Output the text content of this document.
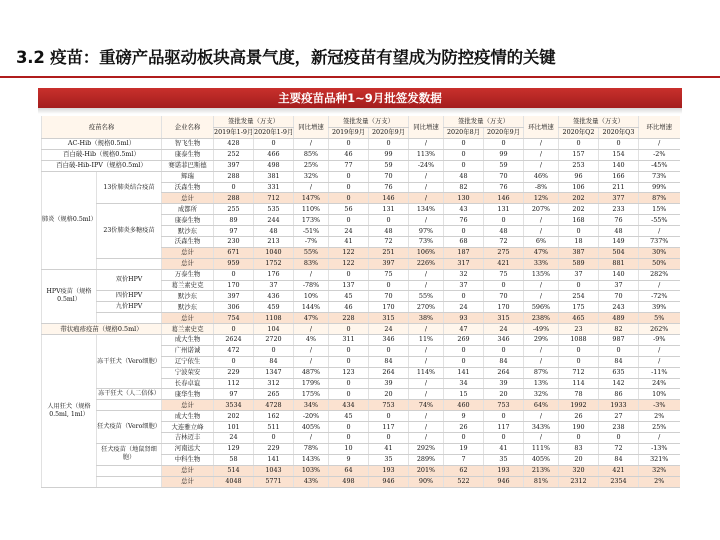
3.2 疫苗：重磅产品驱动板块高景气度，新冠疫苗有望成为防控疫情的关键
主要疫苗品种1~9月批签发数据
疫苗名称		企业名称	签批发量（万支）		同比增速	签批发量（万支）		同比增速	签批发量（万支）		环比增速	签批发量（万支）		环比增速
			2019年1-9月	2020年1-9月		2019年9月	2020年9月		2020年8月	2020年9月		2020年Q2	2020年Q3	
AC-Hib（规格0.5ml）		智飞生物	428	0	/	0	0	/	0	0	/	0	0	/
百白破-Hib（规格0.5ml）		康泰生物	252	466	85%	46	99	113%	0	99	/	157	154	-2%
百白破-Hib-IPV（规格0.5ml）		赛诺菲巴斯德	397	498	25%	77	59	-24%	0	59	/	253	140	-45%
肺炎（规格0.5ml）	13价肺炎结合疫苗	辉瑞	288	381	32%	0	70	/	48	70	46%	96	166	73%
		沃森生物	0	331	/	0	76	/	82	76	-8%	106	211	99%
		总计	288	712	147%	0	146	/	130	146	12%	202	377	87%
	23价肺炎多糖疫苗	成都所	255	535	110%	56	131	134%	43	131	207%	202	233	15%
		康泰生物	89	244	173%	0	0	/	76	0	/	168	76	-55%
		默沙东	97	48	-51%	24	48	97%	0	48	/	0	48	/
		沃森生物	230	213	-7%	41	72	73%	68	72	6%	18	149	737%
		总计	671	1040	55%	122	251	106%	187	275	47%	387	504	30%
		总计	959	1752	83%	122	397	226%	317	421	33%	589	881	50%
HPV疫苗（规格0.5ml）	双价HPV	万泰生物	0	176	/	0	75	/	32	75	135%	37	140	282%
		葛兰素史克	170	37	-78%	137	0	/	37	0	/	0	37	/
	四价HPV	默沙东	397	436	10%	45	70	55%	0	70	/	254	70	-72%
	九价HPV	默沙东	306	459	144%	46	170	270%	24	170	596%	175	243	39%
		总计	754	1108	47%	228	315	38%	93	315	238%	465	489	5%
带状疱疹疫苗（规格0.5ml）		葛兰素史克	0	104	/	0	24	/	47	24	-49%	23	82	262%
人用狂犬（规格0.5ml, 1ml）	冻干狂犬（Vero细胞）	成大生物	2624	2720	4%	311	346	11%	269	346	29%	1088	987	-9%
		广州诺诚	472	0	/	0	0	/	0	0	/	0	0	/
		辽宁依生	0	84	/	0	84	/	0	84	/	0	84	/
		宁波荣安	229	1347	487%	123	264	114%	141	264	87%	712	635	-11%
		长春卓谊	112	312	179%	0	39	/	34	39	13%	114	142	24%
	冻干狂犬（人二倍体）	康华生物	97	265	175%	0	20	/	15	20	32%	78	86	10%
		总计	3534	4728	34%	434	753	74%	460	753	64%	1992	1933	-3%
	狂犬疫苗（Vero细胞）	成大生物	202	162	-20%	45	0	/	9	0	/	26	27	2%
		大连雅立峰	101	511	405%	0	117	/	26	117	343%	190	238	25%
		吉林迈丰	24	0	/	0	0	/	0	0	/	0	0	/
	狂犬疫苗（地鼠肾细胞）	河南远大	129	229	78%	10	41	292%	19	41	111%	83	72	-13%
		中科生物	58	141	143%	9	35	289%	7	35	405%	20	84	321%
		总计	514	1043	103%	64	193	201%	62	193	213%	320	421	32%
		总计	4048	5771	43%	498	946	90%	522	946	81%	2312	2354	2%
